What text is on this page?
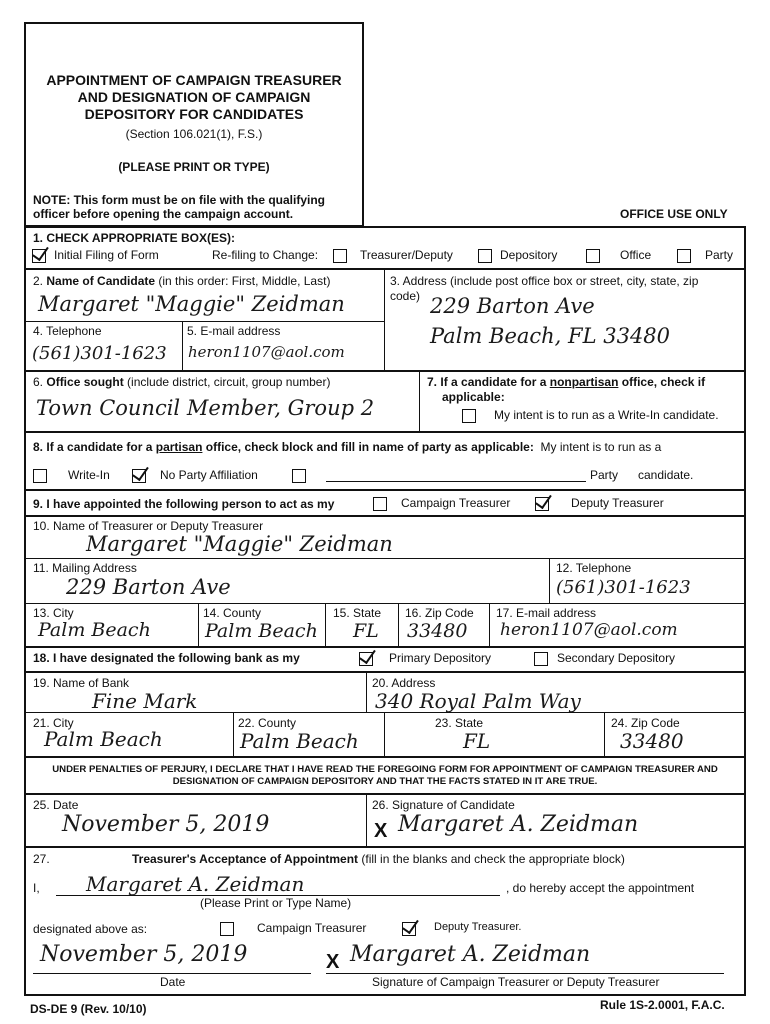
APPOINTMENT OF CAMPAIGN TREASURER
AND DESIGNATION OF CAMPAIGN
DEPOSITORY FOR CANDIDATES
(Section 106.021(1), F.S.)
(PLEASE PRINT OR TYPE)
NOTE: This form must be on file with the qualifying
officer before opening the campaign account.	OFFICE USE ONLY
1. CHECK APPROPRIATE BOX(ES):
Initial Filing of Form	Re-filing to Change:	Treasurer/Deputy	Depository	Office	Party
2. Name of Candidate (in this order: First, Middle, Last)
Margaret "Maggie" Zeidman
3. Address (include post office box or street, city, state, zip
code) 229 Barton Ave
Palm Beach, FL 33480
4. Telephone
(561)301-1623
5. E-mail address
heron1107@aol.com
6. Office sought (include district, circuit, group number)
Town Council Member, Group 2
7. If a candidate for a nonpartisan office, check if
applicable:
My intent is to run as a Write-In candidate.
8. If a candidate for a partisan office, check block and fill in name of party as applicable: My intent is to run as a
Write-In	No Party Affiliation	Party candidate.
9. I have appointed the following person to act as my	Campaign Treasurer	Deputy Treasurer
10. Name of Treasurer or Deputy Treasurer
Margaret "Maggie" Zeidman
11. Mailing Address
229 Barton Ave
12. Telephone
(561)301-1623
13. City
Palm Beach
14. County
Palm Beach
15. State
FL
16. Zip Code
33480
17. E-mail address
heron1107@aol.com
18. I have designated the following bank as my	Primary Depository	Secondary Depository
19. Name of Bank
Fine Mark
20. Address
340 Royal Palm Way
21. City
Palm Beach
22. County
Palm Beach
23. State
FL
24. Zip Code
33480
UNDER PENALTIES OF PERJURY, I DECLARE THAT I HAVE READ THE FOREGOING FORM FOR APPOINTMENT OF CAMPAIGN TREASURER AND
DESIGNATION OF CAMPAIGN DEPOSITORY AND THAT THE FACTS STATED IN IT ARE TRUE.
25. Date
November 5, 2019
26. Signature of Candidate
X Margaret A. Zeidman
27.	Treasurer's Acceptance of Appointment (fill in the blanks and check the appropriate block)
I, Margaret A. Zeidman	, do hereby accept the appointment
(Please Print or Type Name)
designated above as:	Campaign Treasurer	Deputy Treasurer.
November 5, 2019
Date
X Margaret A. Zeidman
Signature of Campaign Treasurer or Deputy Treasurer
DS-DE 9 (Rev. 10/10)	Rule 1S-2.0001, F.A.C.
